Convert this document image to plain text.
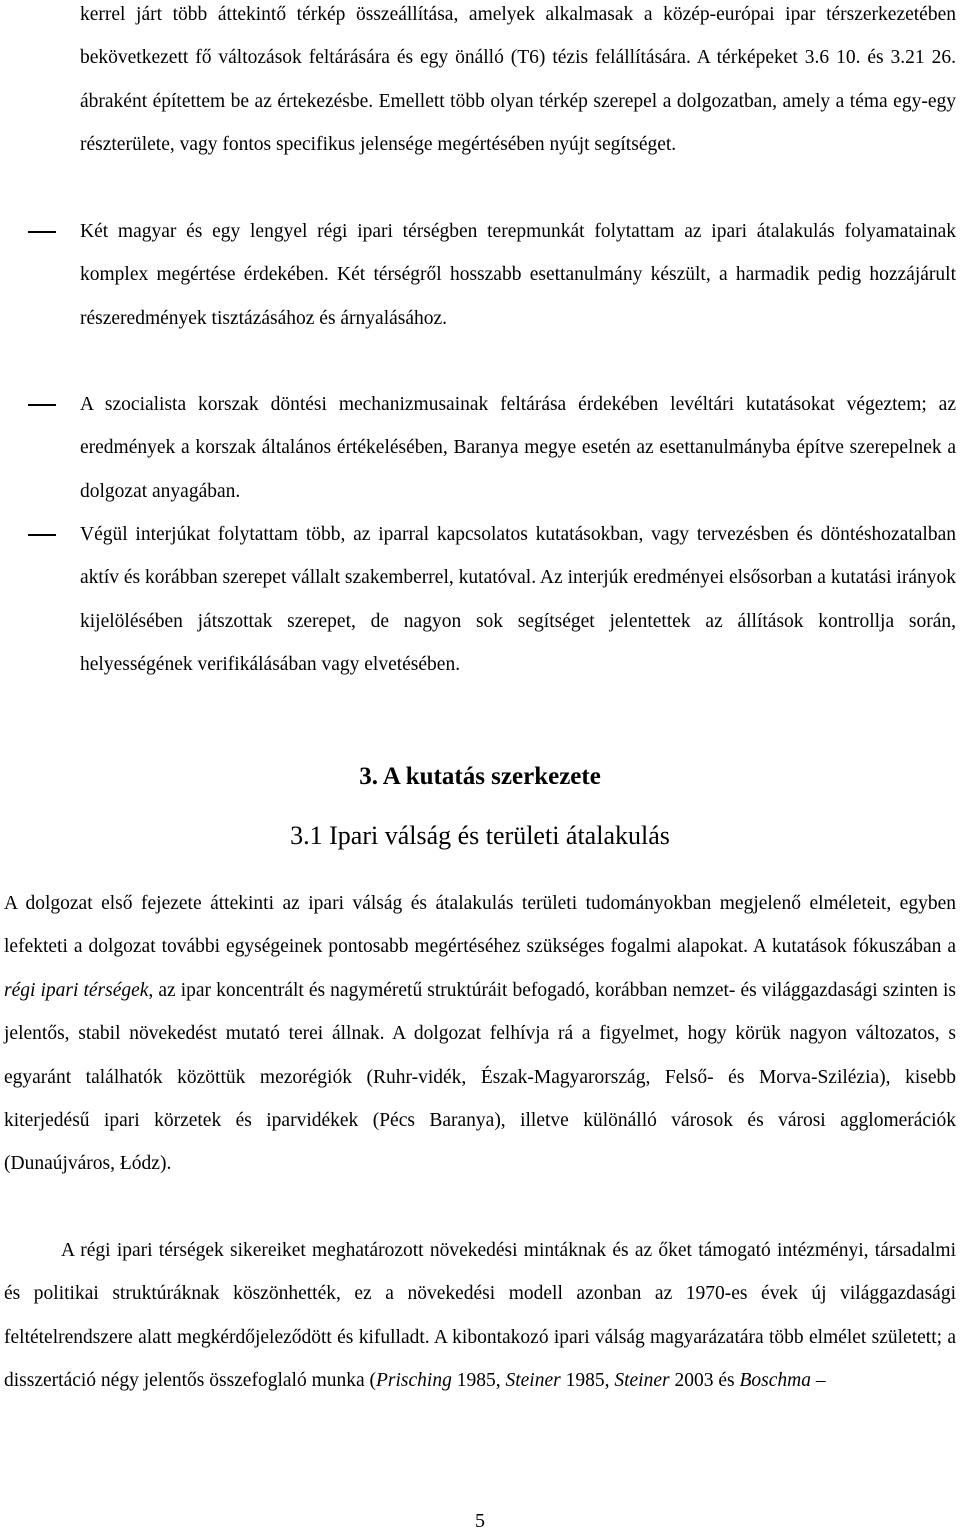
kerrel járt több áttekintő térkép összeállítása, amelyek alkalmasak a közép-európai ipar térszerkezetében bekövetkezett fő változások feltárására és egy önálló (T6) tézis felállítására. A térképeket 3.6 10. és 3.21 26. ábraként építettem be az értekezésbe. Emellett több olyan térkép szerepel a dolgozatban, amely a téma egy-egy részterülete, vagy fontos specifikus jelensége megértésében nyújt segítséget.

Két magyar és egy lengyel régi ipari térségben terepmunkát folytattam az ipari átalakulás folyamatainak komplex megértése érdekében. Két térségről hosszabb esettanulmány készült, a harmadik pedig hozzájárult részeredmények tisztázásához és árnyalásához.

A szocialista korszak döntési mechanizmusainak feltárása érdekében levéltári kutatásokat végeztem; az eredmények a korszak általános értékelésében, Baranya megye esetén az esettanulmányba építve szerepelnek a dolgozat anyagában.

Végül interjúkat folytattam több, az iparral kapcsolatos kutatásokban, vagy tervezésben és döntéshozatalban aktív és korábban szerepet vállalt szakemberrel, kutatóval. Az interjúk eredményei elsősorban a kutatási irányok kijelölésében játszottak szerepet, de nagyon sok segítséget jelentettek az állítások kontrollja során, helyességének verifikálásában vagy elvetésében.

3. A kutatás szerkezete
3.1 Ipari válság és területi átalakulás

A dolgozat első fejezete áttekinti az ipari válság és átalakulás területi tudományokban megjelenő elméleteit, egyben lefekteti a dolgozat további egységeinek pontosabb megértéséhez szükséges fogalmi alapokat. A kutatások fókuszában a régi ipari térségek, az ipar koncentrált és nagyméretű struktúráit befogadó, korábban nemzet- és világgazdasági szinten is jelentős, stabil növekedést mutató terei állnak. A dolgozat felhívja rá a figyelmet, hogy körük nagyon változatos, s egyaránt találhatók közöttük mezorégiók (Ruhr-vidék, Észak-Magyarország, Felső- és Morva-Szilézia), kisebb kiterjedésű ipari körzetek és iparvidékek (Pécs Baranya), illetve különálló városok és városi agglomerációk (Dunaújváros, Łódz).

A régi ipari térségek sikereiket meghatározott növekedési mintáknak és az őket támogató intézményi, társadalmi és politikai struktúráknak köszönhették, ez a növekedési modell azonban az 1970-es évek új világgazdasági feltételrendszere alatt megkérdőjeleződött és kifulladt. A kibontakozó ipari válság magyarázatára több elmélet született; a disszertáció négy jelentős összefoglaló munka (Prisching 1985, Steiner 1985, Steiner 2003 és Boschma –

5
